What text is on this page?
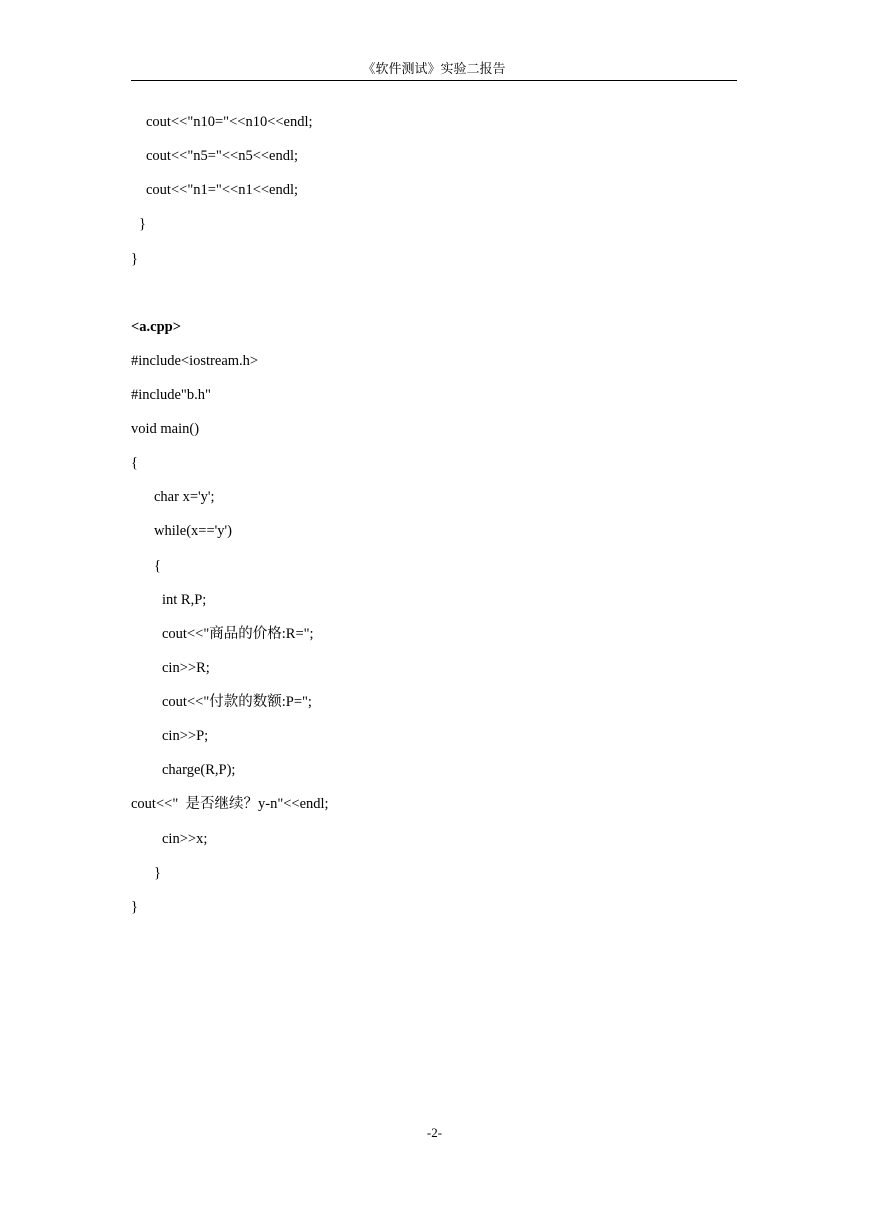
《软件测试》实验二报告
cout<<"n10="<<n10<<endl;
cout<<"n5="<<n5<<endl;
cout<<"n1="<<n1<<endl;
}
}
<a.cpp>
#include<iostream.h>
#include"b.h"
void main()
{
char x='y';
while(x=='y')
{
int R,P;
cout<<"商品的价格:R=";
cin>>R;
cout<<"付款的数额:P=";
cin>>P;
charge(R,P);
cout<<"  是否继续？y-n"<<endl;
cin>>x;
}
}
-2-
